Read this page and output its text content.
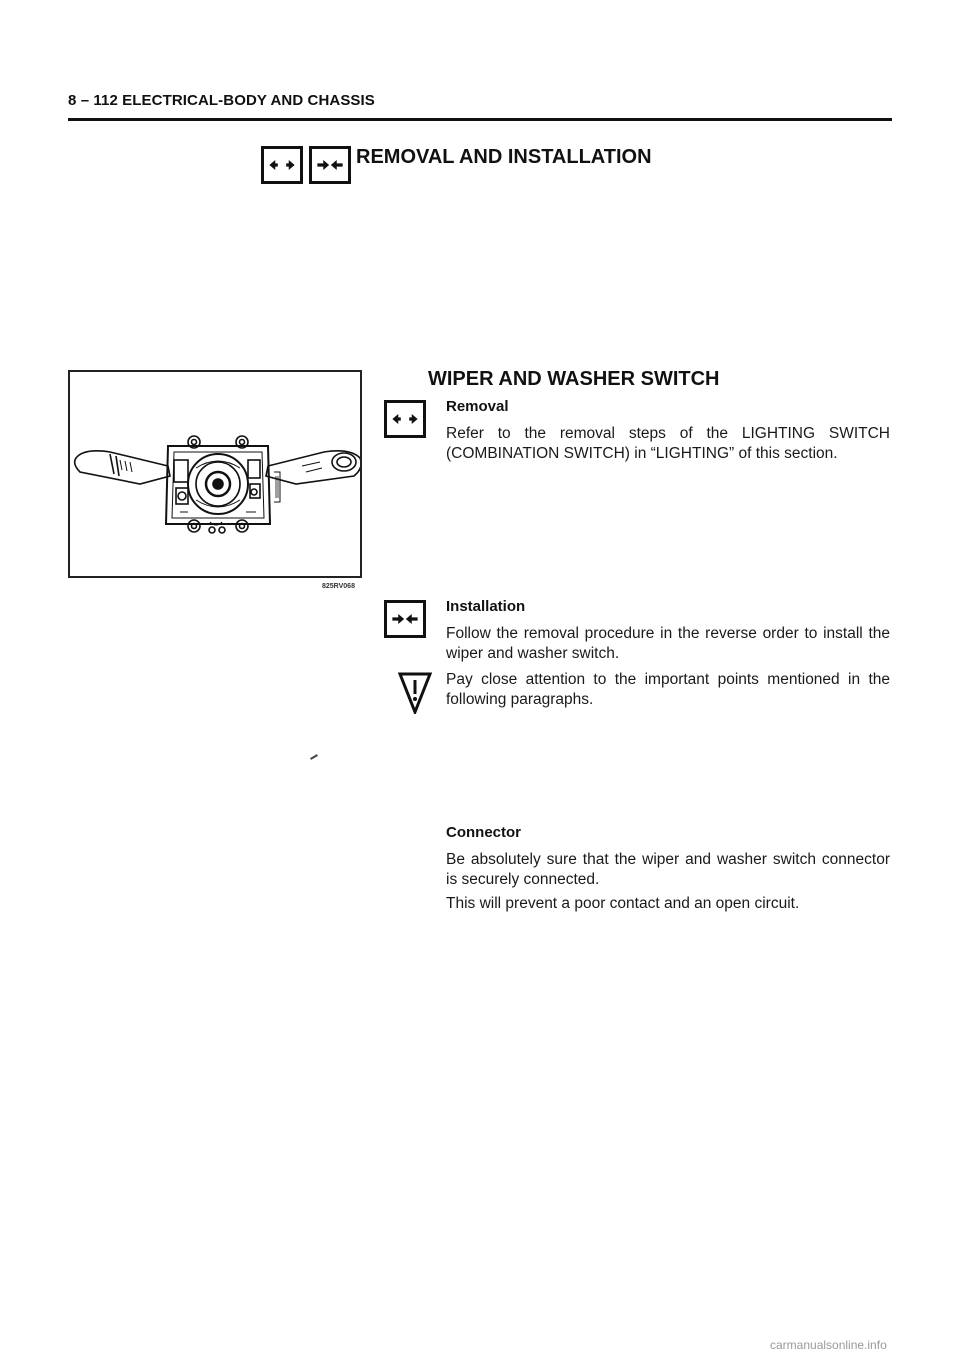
8 – 112 ELECTRICAL-BODY AND CHASSIS
REMOVAL AND INSTALLATION
825RV068
WIPER AND WASHER SWITCH
Removal
Refer to the removal steps of the LIGHTING SWITCH (COMBINATION SWITCH) in “LIGHTING” of this section.
Installation
Follow the removal procedure in the reverse order to install the wiper and washer switch.
Pay close attention to the important points mentioned in the following paragraphs.
Connector
Be absolutely sure that the wiper and washer switch connector is securely connected.
This will prevent a poor contact and an open circuit.
carmanualsonline.info
